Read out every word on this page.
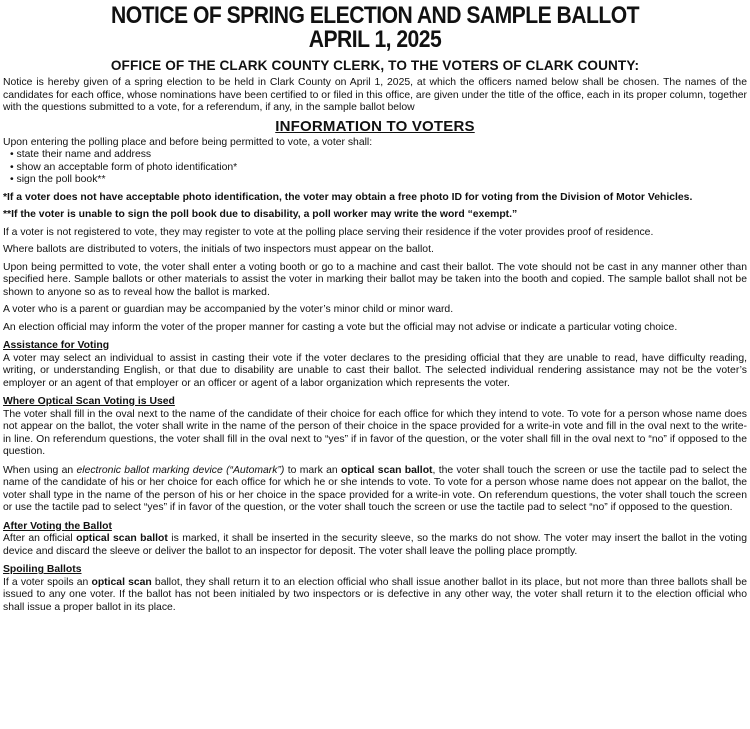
NOTICE OF SPRING ELECTION AND SAMPLE BALLOT
APRIL 1, 2025
OFFICE OF THE CLARK COUNTY CLERK, TO THE VOTERS OF CLARK COUNTY:

Notice is hereby given of a spring election to be held in Clark County on April 1, 2025, at which the officers named below shall be chosen. The names of the candidates for each office, whose nominations have been certified to or filed in this office, are given under the title of the office, each in its proper column, together with the questions submitted to a vote, for a referendum, if any, in the sample ballot below

INFORMATION TO VOTERS

Upon entering the polling place and before being permitted to vote, a voter shall:

• state their name and address
• show an acceptable form of photo identification*
• sign the poll book**

*If a voter does not have acceptable photo identification, the voter may obtain a free photo ID for voting from the Division of Motor Vehicles.

**If the voter is unable to sign the poll book due to disability, a poll worker may write the word “exempt.”

If a voter is not registered to vote, they may register to vote at the polling place serving their residence if the voter provides proof of residence.

Where ballots are distributed to voters, the initials of two inspectors must appear on the ballot.

Upon being permitted to vote, the voter shall enter a voting booth or go to a machine and cast their ballot. The vote should not be cast in any manner other than specified here. Sample ballots or other materials to assist the voter in marking their ballot may be taken into the booth and copied. The sample ballot shall not be shown to anyone so as to reveal how the ballot is marked.

A voter who is a parent or guardian may be accompanied by the voter’s minor child or minor ward.

An election official may inform the voter of the proper manner for casting a vote but the official may not advise or indicate a particular voting choice.

Assistance for Voting

A voter may select an individual to assist in casting their vote if the voter declares to the presiding official that they are unable to read, have difficulty reading, writing, or understanding English, or that due to disability are unable to cast their ballot. The selected individual rendering assistance may not be the voter’s employer or an agent of that employer or an officer or agent of a labor organization which represents the voter.

Where Optical Scan Voting is Used

The voter shall fill in the oval next to the name of the candidate of their choice for each office for which they intend to vote. To vote for a person whose name does not appear on the ballot, the voter shall write in the name of the person of their choice in the space provided for a write-in vote and fill in the oval next to the write-in line. On referendum questions, the voter shall fill in the oval next to “yes” if in favor of the question, or the voter shall fill in the oval next to “no” if opposed to the question.

When using an electronic ballot marking device (“Automark”) to mark an optical scan ballot, the voter shall touch the screen or use the tactile pad to select the name of the candidate of his or her choice for each office for which he or she intends to vote. To vote for a person whose name does not appear on the ballot, the voter shall type in the name of the person of his or her choice in the space provided for a write-in vote. On referendum questions, the voter shall touch the screen or use the tactile pad to select “yes” if in favor of the question, or the voter shall touch the screen or use the tactile pad to select “no” if opposed to the question.

After Voting the Ballot

After an official optical scan ballot is marked, it shall be inserted in the security sleeve, so the marks do not show. The voter may insert the ballot in the voting device and discard the sleeve or deliver the ballot to an inspector for deposit. The voter shall leave the polling place promptly.

Spoiling Ballots

If a voter spoils an optical scan ballot, they shall return it to an election official who shall issue another ballot in its place, but not more than three ballots shall be issued to any one voter. If the ballot has not been initialed by two inspectors or is defective in any other way, the voter shall return it to the election official who shall issue a proper ballot in its place.
